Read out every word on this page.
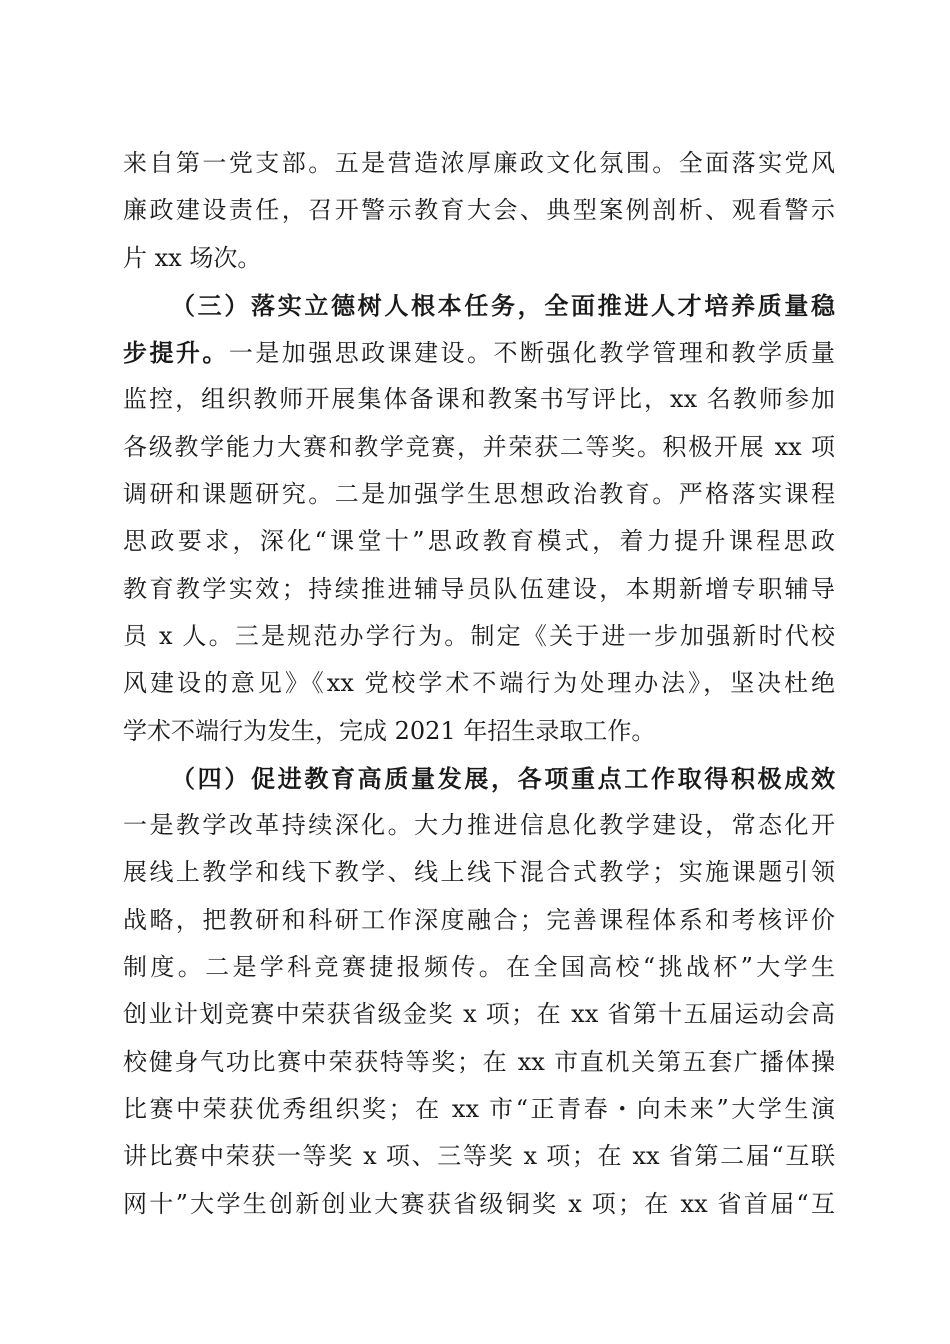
来自第一党支部。五是营造浓厚廉政文化氛围。全面落实党风
廉政建设责任，召开警示教育大会、典型案例剖析、观看警示
片 xx 场次。
（三）落实立德树人根本任务，全面推进人才培养质量稳
步提升。一是加强思政课建设。不断强化教学管理和教学质量
监控，组织教师开展集体备课和教案书写评比，xx 名教师参加
各级教学能力大赛和教学竞赛，并荣获二等奖。积极开展 xx 项
调研和课题研究。二是加强学生思想政治教育。严格落实课程
思政要求，深化“课堂十”思政教育模式，着力提升课程思政
教育教学实效；持续推进辅导员队伍建设，本期新增专职辅导
员 x 人。三是规范办学行为。制定《关于进一步加强新时代校
风建设的意见》《xx 党校学术不端行为处理办法》，坚决杜绝
学术不端行为发生，完成 2021 年招生录取工作。
（四）促进教育高质量发展，各项重点工作取得积极成效
一是教学改革持续深化。大力推进信息化教学建设，常态化开
展线上教学和线下教学、线上线下混合式教学；实施课题引领
战略，把教研和科研工作深度融合；完善课程体系和考核评价
制度。二是学科竞赛捷报频传。在全国高校“挑战杯”大学生
创业计划竞赛中荣获省级金奖 x 项；在 xx 省第十五届运动会高
校健身气功比赛中荣获特等奖；在 xx 市直机关第五套广播体操
比赛中荣获优秀组织奖；在 xx 市“正青春・向未来”大学生演
讲比赛中荣获一等奖 x 项、三等奖 x 项；在 xx 省第二届“互联
网十”大学生创新创业大赛获省级铜奖 x 项；在 xx 省首届“互
